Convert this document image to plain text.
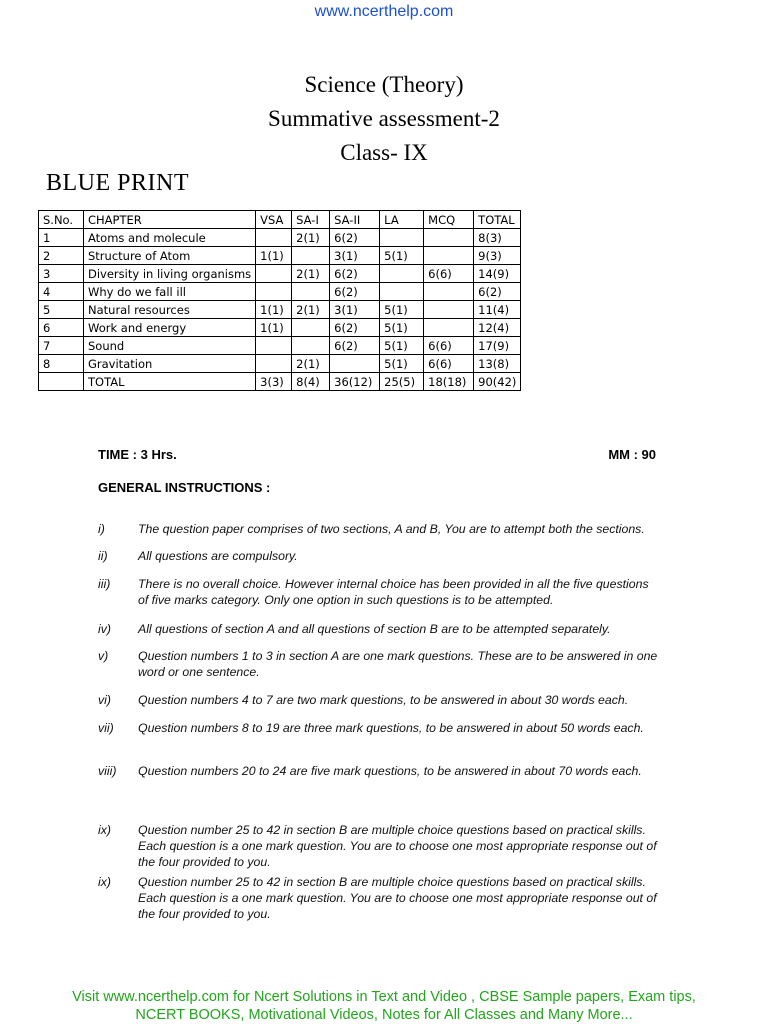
www.ncerthelp.com
Science (Theory)
Summative assessment-2
Class- IX
BLUE PRINT
S.No.	CHAPTER	VSA	SA-I	SA-II	LA	MCQ	TOTAL
1	Atoms and molecule		2(1)	6(2)			8(3)
2	Structure of Atom	1(1)		3(1)	5(1)		9(3)
3	Diversity in living organisms		2(1)	6(2)		6(6)	14(9)
4	Why do we fall ill			6(2)			6(2)
5	Natural resources	1(1)	2(1)	3(1)	5(1)		11(4)
6	Work and energy	1(1)		6(2)	5(1)		12(4)
7	Sound			6(2)	5(1)	6(6)	17(9)
8	Gravitation		2(1)		5(1)	6(6)	13(8)
	TOTAL	3(3)	8(4)	36(12)	25(5)	18(18)	90(42)
TIME : 3 Hrs.	MM : 90
GENERAL INSTRUCTIONS :
i)	The question paper comprises of two sections, A and B, You are to attempt both the sections.
ii)	All questions are compulsory.
iii)	There is no overall choice. However internal choice has been provided in all the five questions of five marks category. Only one option in such questions is to be attempted.
iv)	All questions of section A and all questions of section B are to be attempted separately.
v)	Question numbers 1 to 3 in section A are one mark questions. These are to be answered in one word or one sentence.
vi)	Question numbers 4 to 7 are two mark questions, to be answered in about 30 words each.
vii)	Question numbers 8 to 19 are three mark questions, to be answered in about 50 words each.
viii)	Question numbers 20 to 24 are five mark questions, to be answered in about 70 words each.
ix)	Question number 25 to 42 in section B are multiple choice questions based on practical skills. Each question is a one mark question. You are to choose one most appropriate response out of the four provided to you.
ix)	Question number 25 to 42 in section B are multiple choice questions based on practical skills. Each question is a one mark question. You are to choose one most appropriate response out of the four provided to you.
Visit www.ncerthelp.com for Ncert Solutions in Text and Video , CBSE Sample papers, Exam tips,
NCERT BOOKS, Motivational Videos, Notes for All Classes and Many More...
